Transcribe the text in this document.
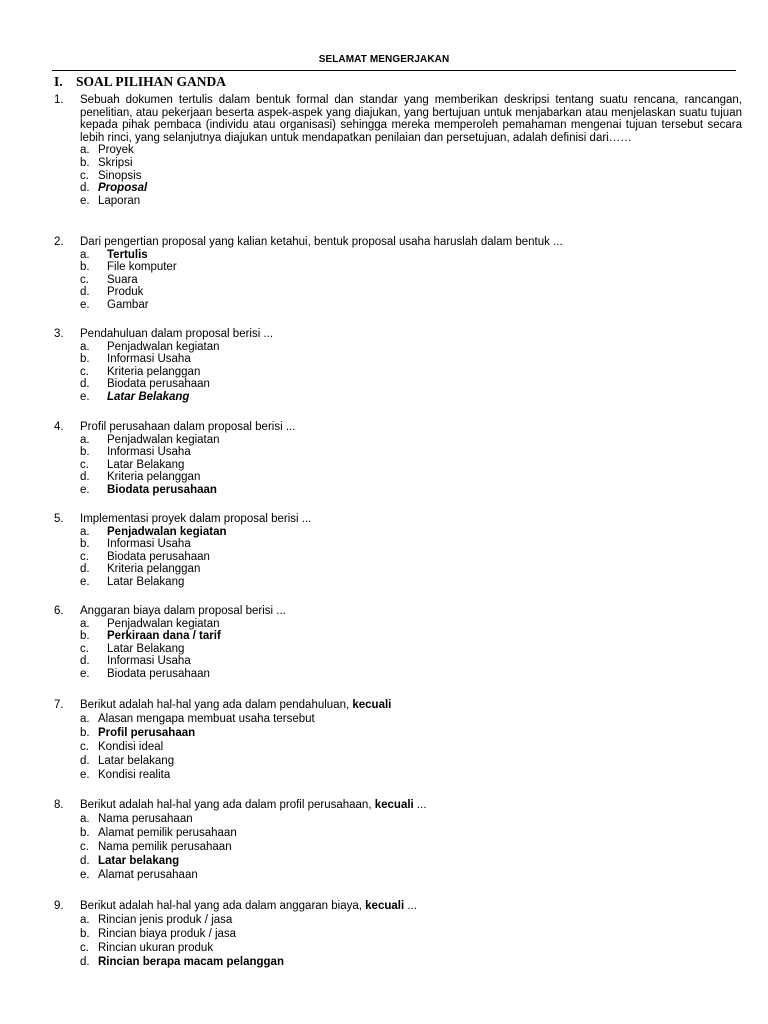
SELAMAT MENGERJAKAN
I. SOAL PILIHAN GANDA
1. Sebuah dokumen tertulis dalam bentuk formal dan standar yang memberikan deskripsi tentang suatu rencana, rancangan, penelitian, atau pekerjaan beserta aspek-aspek yang diajukan, yang bertujuan untuk menjabarkan atau menjelaskan suatu tujuan kepada pihak pembaca (individu atau organisasi) sehingga mereka memperoleh pemahaman mengenai tujuan tersebut secara lebih rinci, yang selanjutnya diajukan untuk mendapatkan penilaian dan persetujuan, adalah definisi dari……
a. Proyek
b. Skripsi
c. Sinopsis
d. Proposal
e. Laporan
2. Dari pengertian proposal yang kalian ketahui, bentuk proposal usaha haruslah dalam bentuk ...
a. Tertulis
b. File komputer
c. Suara
d. Produk
e. Gambar
3. Pendahuluan dalam proposal berisi ...
a. Penjadwalan kegiatan
b. Informasi Usaha
c. Kriteria pelanggan
d. Biodata perusahaan
e. Latar Belakang
4. Profil perusahaan dalam proposal berisi ...
a. Penjadwalan kegiatan
b. Informasi Usaha
c. Latar Belakang
d. Kriteria pelanggan
e. Biodata perusahaan
5. Implementasi proyek dalam proposal berisi ...
a. Penjadwalan kegiatan
b. Informasi Usaha
c. Biodata perusahaan
d. Kriteria pelanggan
e. Latar Belakang
6. Anggaran biaya dalam proposal berisi ...
a. Penjadwalan kegiatan
b. Perkiraan dana / tarif
c. Latar Belakang
d. Informasi Usaha
e. Biodata perusahaan
7. Berikut adalah hal-hal yang ada dalam pendahuluan, kecuali
a. Alasan mengapa membuat usaha tersebut
b. Profil perusahaan
c. Kondisi ideal
d. Latar belakang
e. Kondisi realita
8. Berikut adalah hal-hal yang ada dalam profil perusahaan, kecuali ...
a. Nama perusahaan
b. Alamat pemilik perusahaan
c. Nama pemilik perusahaan
d. Latar belakang
e. Alamat perusahaan
9. Berikut adalah hal-hal yang ada dalam anggaran biaya, kecuali ...
a. Rincian jenis produk / jasa
b. Rincian biaya produk / jasa
c. Rincian ukuran produk
d. Rincian berapa macam pelanggan
